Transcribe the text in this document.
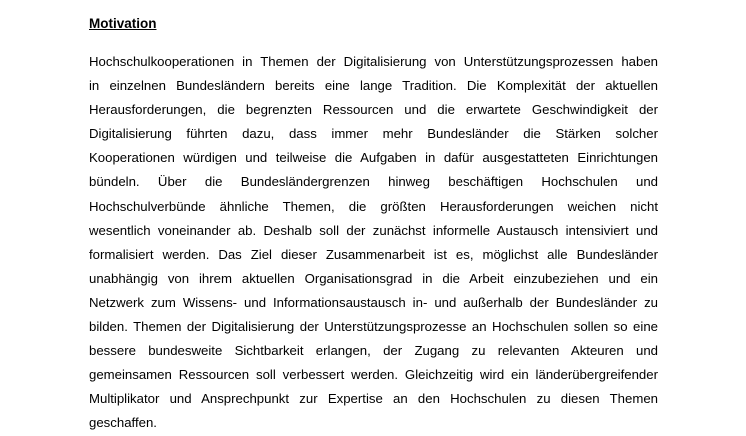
Motivation
Hochschulkooperationen in Themen der Digitalisierung von Unterstützungsprozessen haben
in einzelnen Bundesländern bereits eine lange Tradition. Die Komplexität der aktuellen
Herausforderungen, die begrenzten Ressourcen und die erwartete Geschwindigkeit der
Digitalisierung führten dazu, dass immer mehr Bundesländer die Stärken solcher
Kooperationen würdigen und teilweise die Aufgaben in dafür ausgestatteten Einrichtungen
bündeln. Über die Bundesländergrenzen hinweg beschäftigen Hochschulen und
Hochschulverbünde ähnliche Themen, die größten Herausforderungen weichen nicht
wesentlich voneinander ab. Deshalb soll der zunächst informelle Austausch intensiviert und
formalisiert werden. Das Ziel dieser Zusammenarbeit ist es, möglichst alle Bundesländer
unabhängig von ihrem aktuellen Organisationsgrad in die Arbeit einzubeziehen und ein
Netzwerk zum Wissens- und Informationsaustausch in- und außerhalb der Bundesländer zu
bilden. Themen der Digitalisierung der Unterstützungsprozesse an Hochschulen sollen so eine
bessere bundesweite Sichtbarkeit erlangen, der Zugang zu relevanten Akteuren und
gemeinsamen Ressourcen soll verbessert werden. Gleichzeitig wird ein länderübergreifender
Multiplikator und Ansprechpunkt zur Expertise an den Hochschulen zu diesen Themen
geschaffen.
